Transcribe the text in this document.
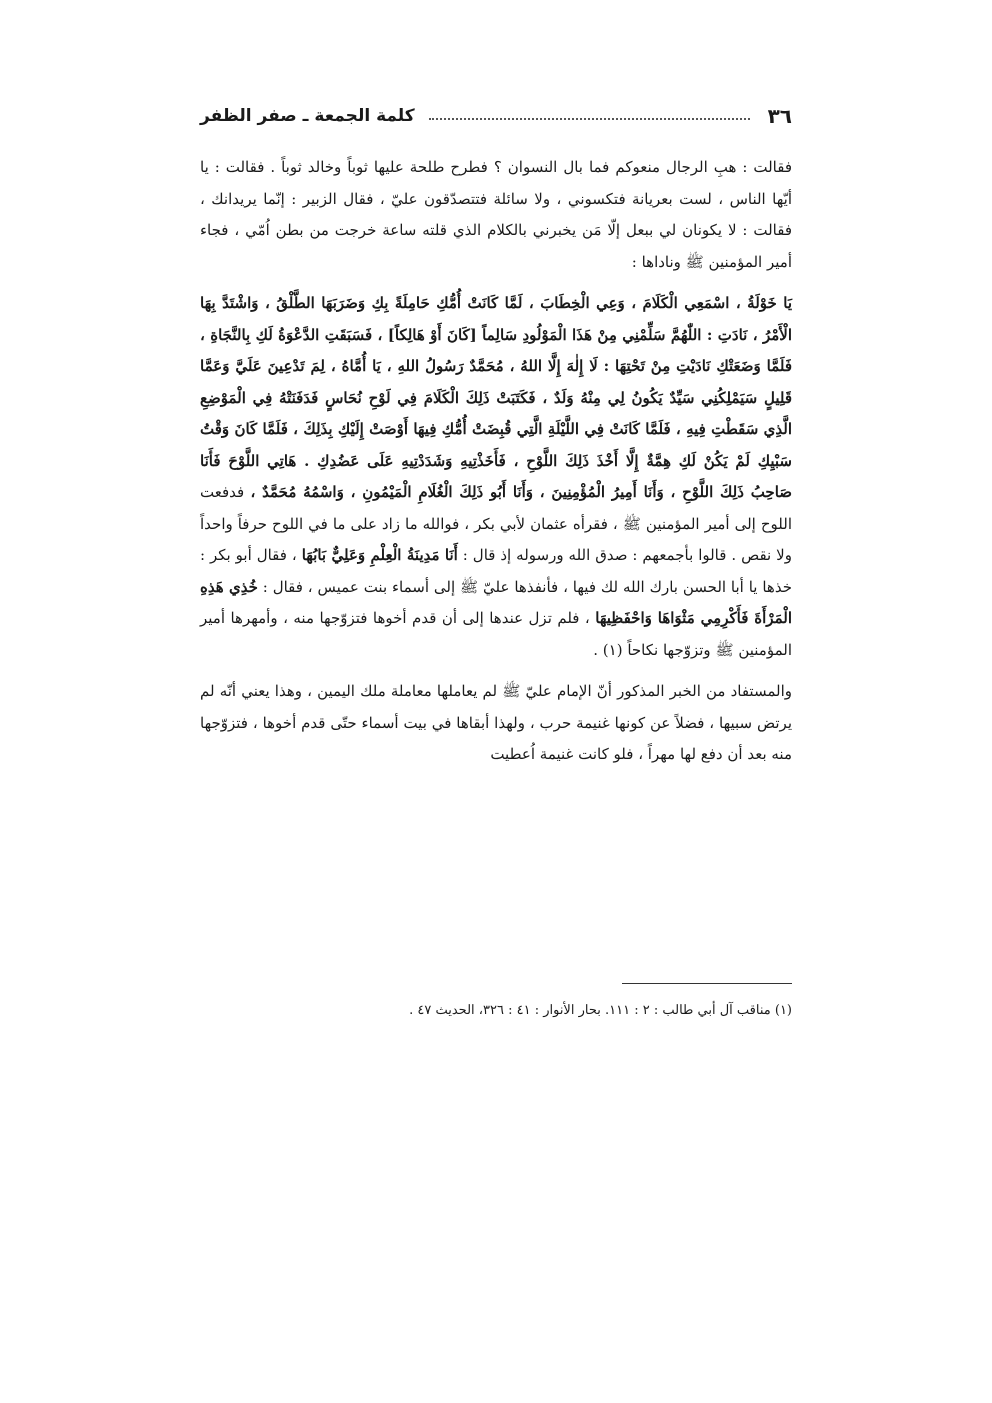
٣٦
كلمة الجمعة ـ صفر الظفر

فقالت : هبِ الرجال منعوكم فما بال النسوان ؟ فطرح طلحة عليها ثوباً وخالد ثوباً . فقالت : يا أيّها الناس ، لست بعريانة فتكسوني ، ولا سائلة فتتصدّقون عليّ ، فقال الزبير : إنّما يريدانك ، فقالت : لا يكونان لي ببعل إلّا مَن يخبرني بالكلام الذي قلته ساعة خرجت من بطن اُمّي ، فجاء أمير المؤمنين ﷺ وناداها :

يَا خَوْلَةُ ، اسْمَعِي الْكَلَامَ ، وَعِي الْخِطَابَ ، لَمَّا كَانَتْ أُمُّكِ حَامِلَةً بِكِ وَضَرَبَهَا الطَّلْقُ ، وَاشْتَدَّ بِهَا الْأَمْرُ ، نَادَتِ : اللّٰهُمَّ سَلِّمْنِي مِنْ هَذَا الْمَوْلُودِ سَالِماً [كَانَ أَوْ هَالِكاً] ، فَسَبَقَتِ الدَّعْوَةُ لَكِ بِالنَّجَاةِ ، فَلَمَّا وَضَعَتْكِ نَادَيْتِ مِنْ تَحْتِهَا : لَا إِلٰهَ إِلَّا اللهُ ، مُحَمَّدٌ رَسُولُ اللهِ ، يَا أُمَّاهُ ، لِمَ تَدْعِينَ عَلَيَّ وَعَمَّا قَلِيلٍ سَيَمْلِكُنِي سَيِّدٌ يَكُونُ لِي مِنْهُ وَلَدٌ ، فَكَتَبَتْ ذَلِكَ الْكَلَامَ فِي لَوْحِ نُحَاسٍ فَدَفَنَتْهُ فِي الْمَوْضِعِ الَّذِي سَقَطْتِ فِيهِ ، فَلَمَّا كَانَتْ فِي اللَّيْلَةِ الَّتِي قُبِضَتْ أُمُّكِ فِيهَا أَوْصَتْ إِلَيْكِ بِذَلِكَ ، فَلَمَّا كَانَ وَقْتُ سَبْيِكِ لَمْ يَكُنْ لَكِ هِمَّةٌ إِلَّا أَخْذَ ذَلِكَ اللَّوْحِ ، فَأَخَذْتِيهِ وَشَدَدْتِيهِ عَلَى عَضُدِكِ . هَاتِي اللَّوْحَ فَأَنَا صَاحِبُ ذَلِكَ اللَّوْحِ ، وَأَنَا أَمِيرُ الْمُؤْمِنِينَ ، وَأَنَا أَبُو ذَلِكَ الْغُلَامِ الْمَيْمُونِ ، وَاسْمُهُ مُحَمَّدٌ ، فدفعت اللوح إلى أمير المؤمنين ﷺ ، فقرأه عثمان لأبي بكر ، فوالله ما زاد على ما في اللوح حرفاً واحداً ولا نقص . قالوا بأجمعهم : صدق الله ورسوله إذ قال : أَنَا مَدِينَةُ الْعِلْمِ وَعَلِيٌّ بَابُهَا ، فقال أبو بكر : خذها يا أبا الحسن بارك الله لك فيها ، فأنفذها عليّ ﷺ إلى أسماء بنت عميس ، فقال : خُذِي هَذِهِ الْمَرْأَةَ فَأَكْرِمِي مَثْوَاهَا وَاحْفَظِيهَا ، فلم تزل عندها إلى أن قدم أخوها فتزوّجها منه ، وأمهرها أمير المؤمنين ﷺ وتزوّجها نكاحاً (١) .

والمستفاد من الخبر المذكور أنّ الإمام عليّ ﷺ لم يعاملها معاملة ملك اليمين ، وهذا يعني أنّه لم يرتض سبيها ، فضلاً عن كونها غنيمة حرب ، ولهذا أبقاها في بيت أسماء حتّى قدم أخوها ، فتزوّجها منه بعد أن دفع لها مهراً ، فلو كانت غنيمة اُعطيت

(١) مناقب آل أبي طالب : ٢ : ١١١. بحار الأنوار : ٤١ : ٣٢٦، الحديث ٤٧ .
